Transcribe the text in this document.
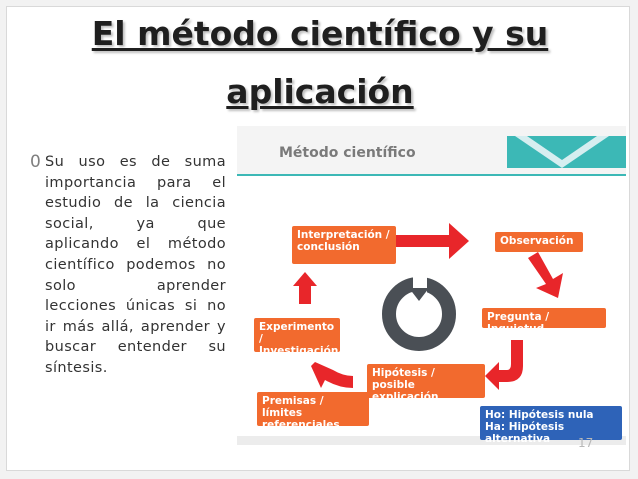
El método científico y su
aplicación
0 Su uso es de suma importancia para el estudio de la ciencia social, ya que aplicando el método científico podemos no solo aprender lecciones únicas si no ir más allá, aprender y buscar entender su síntesis.
Método científico
Interpretación /
conclusión	Observación
Pregunta / Inquietud
Experimento /
Investigación
Hipótesis / posible
explicación
Premisas / límites
referenciales
Ho: Hipótesis nula
Ha: Hipótesis alternativa	17
